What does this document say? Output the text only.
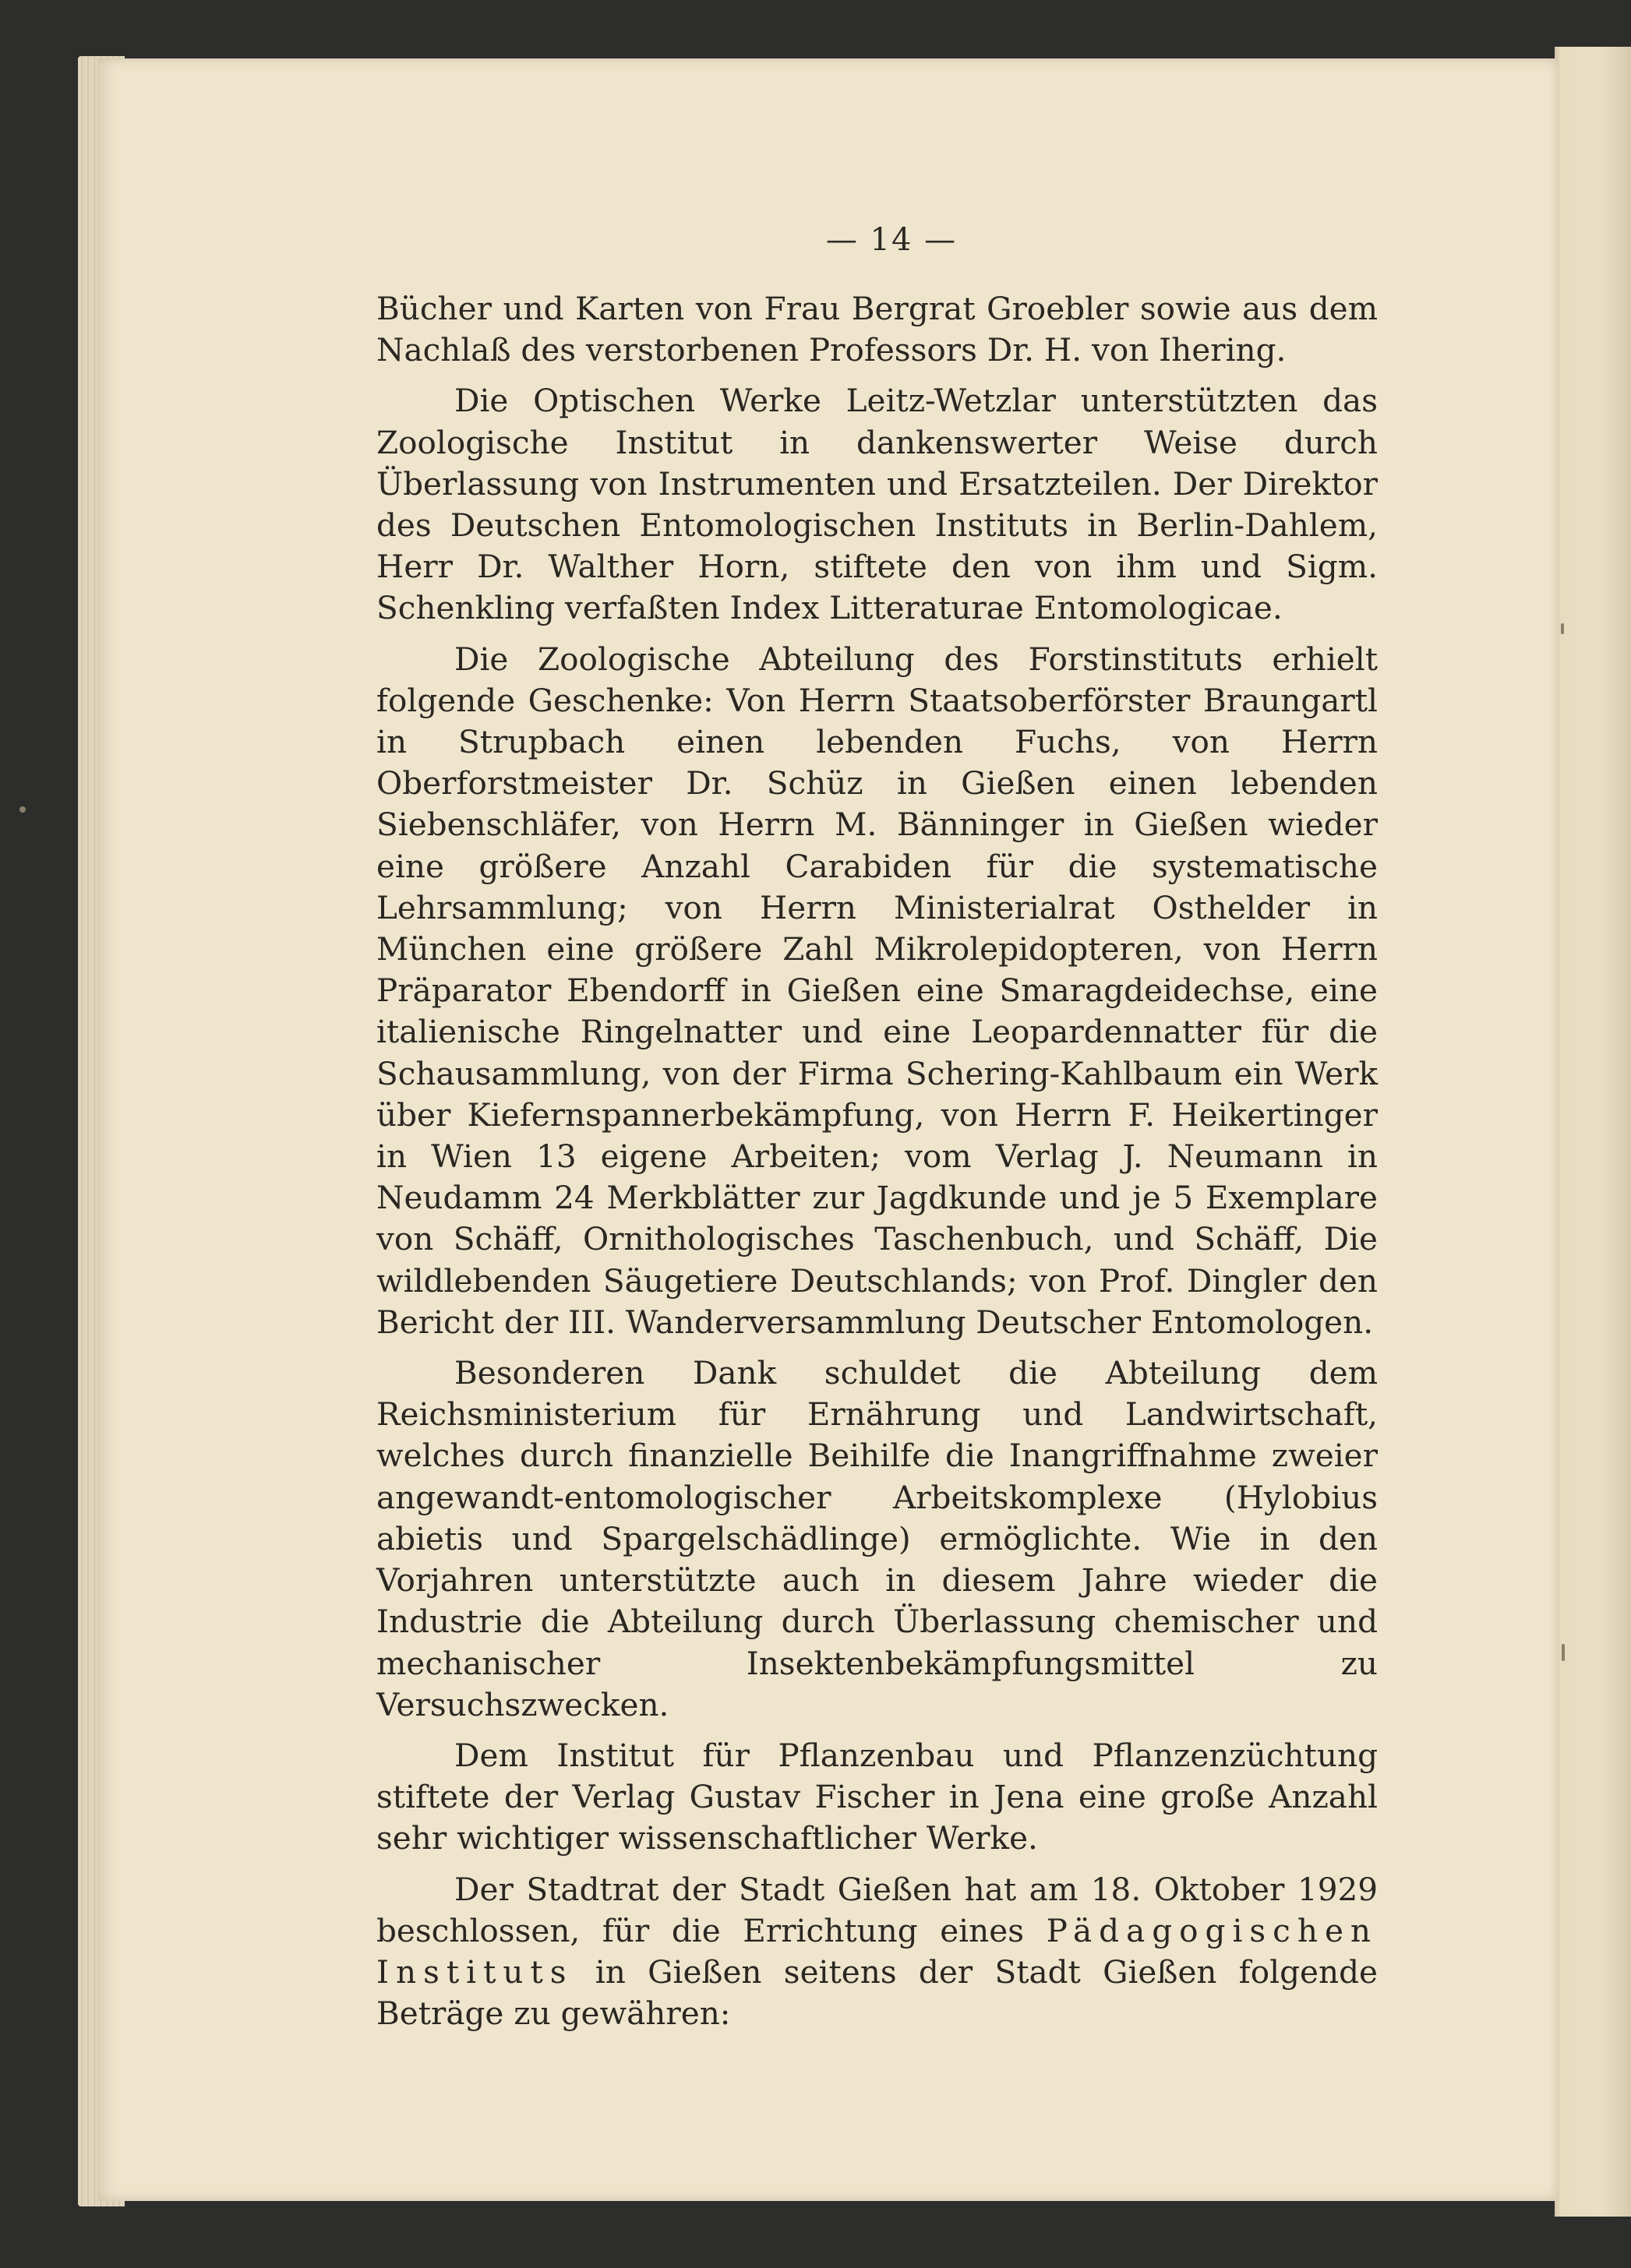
— 14 —

Bücher und Karten von Frau Bergrat Groebler sowie aus dem Nachlaß des verstorbenen Professors Dr. H. von Ihering.

Die Optischen Werke Leitz-Wetzlar unterstützten das Zoologische Institut in dankenswerter Weise durch Überlassung von Instrumenten und Ersatzteilen. Der Direktor des Deutschen Entomologischen Instituts in Berlin-Dahlem, Herr Dr. Walther Horn, stiftete den von ihm und Sigm. Schenkling verfaßten Index Litteraturae Entomologicae.

Die Zoologische Abteilung des Forstinstituts erhielt folgende Geschenke: Von Herrn Staatsoberförster Braungartl in Strupbach einen lebenden Fuchs, von Herrn Oberforstmeister Dr. Schüz in Gießen einen lebenden Siebenschläfer, von Herrn M. Bänninger in Gießen wieder eine größere Anzahl Carabiden für die systematische Lehrsammlung; von Herrn Ministerialrat Osthelder in München eine größere Zahl Mikrolepidopteren, von Herrn Präparator Ebendorff in Gießen eine Smaragdeidechse, eine italienische Ringelnatter und eine Leopardennatter für die Schausammlung, von der Firma Schering-Kahlbaum ein Werk über Kiefernspannerbekämpfung, von Herrn F. Heikertinger in Wien 13 eigene Arbeiten; vom Verlag J. Neumann in Neudamm 24 Merkblätter zur Jagdkunde und je 5 Exemplare von Schäff, Ornithologisches Taschenbuch, und Schäff, Die wildlebenden Säugetiere Deutschlands; von Prof. Dingler den Bericht der III. Wanderversammlung Deutscher Entomologen.

Besonderen Dank schuldet die Abteilung dem Reichsministerium für Ernährung und Landwirtschaft, welches durch finanzielle Beihilfe die Inangriffnahme zweier angewandt-entomologischer Arbeitskomplexe (Hylobius abietis und Spargelschädlinge) ermöglichte. Wie in den Vorjahren unterstützte auch in diesem Jahre wieder die Industrie die Abteilung durch Überlassung chemischer und mechanischer Insektenbekämpfungsmittel zu Versuchszwecken.

Dem Institut für Pflanzenbau und Pflanzenzüchtung stiftete der Verlag Gustav Fischer in Jena eine große Anzahl sehr wichtiger wissenschaftlicher Werke.

Der Stadtrat der Stadt Gießen hat am 18. Oktober 1929 beschlossen, für die Errichtung eines Pädagogischen Instituts in Gießen seitens der Stadt Gießen folgende Beträge zu gewähren:
